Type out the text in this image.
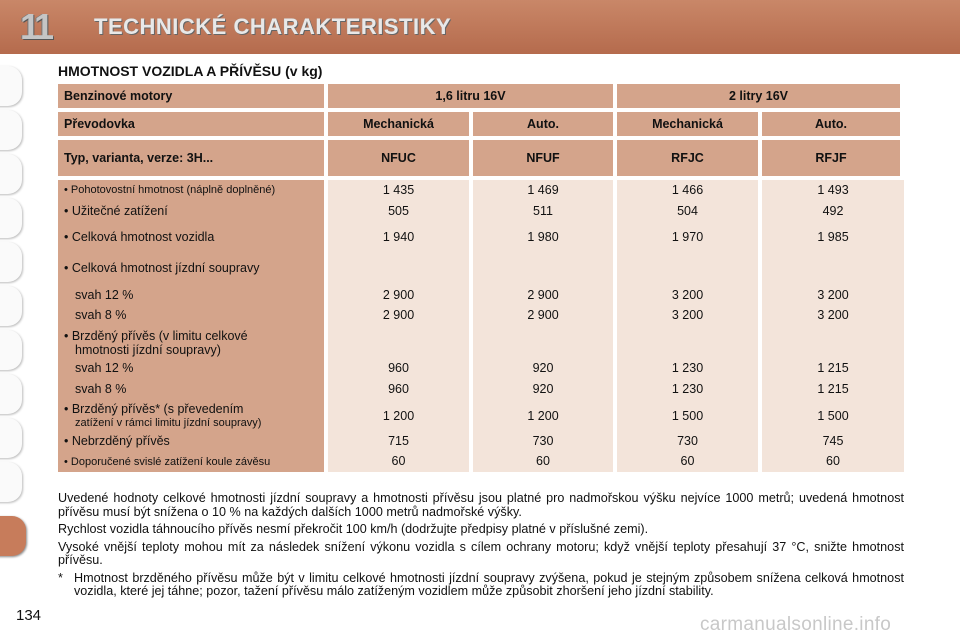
11	TECHNICKÉ CHARAKTERISTIKY
HMOTNOST VOZIDLA A PŘÍVĚSU (v kg)
Benzinové motory	1,6 litru 16V	2 litry 16V
Převodovka	Mechanická	Auto.	Mechanická	Auto.
Typ, varianta, verze: 3H...	NFUC	NFUF	RFJC	RFJF
• Pohotovostní hmotnost (náplně doplněné)	1 435	1 469	1 466	1 493
• Užitečné zatížení	505	511	504	492
• Celková hmotnost vozidla	1 940	1 980	1 970	1 985
• Celková hmotnost jízdní soupravy
svah 12 %	2 900	2 900	3 200	3 200
svah 8 %	2 900	2 900	3 200	3 200
• Brzděný přívěs (v limitu celkové
hmotnosti jízdní soupravy)
svah 12 %	960	920	1 230	1 215
svah 8 %	960	920	1 230	1 215
• Brzděný přívěs* (s převedením
zatížení v rámci limitu jízdní soupravy)	1 200	1 200	1 500	1 500
• Nebrzděný přívěs	715	730	730	745
• Doporučené svislé zatížení koule závěsu	60	60	60	60

Uvedené hodnoty celkové hmotnosti jízdní soupravy a hmotnosti přívěsu jsou platné pro nadmořskou výšku nejvíce 1000 metrů; uvedená hmotnost přívěsu musí být snížena o 10 % na každých dalších 1000 metrů nadmořské výšky.

Rychlost vozidla táhnoucího přívěs nesmí překročit 100 km/h (dodržujte předpisy platné v příslušné zemi).

Vysoké vnější teploty mohou mít za následek snížení výkonu vozidla s cílem ochrany motoru; když vnější teploty přesahují 37 °C, snižte hmotnost přívěsu.

* Hmotnost brzděného přívěsu může být v limitu celkové hmotnosti jízdní soupravy zvýšena, pokud je stejným způsobem snížena celková hmotnost vozidla, které jej táhne; pozor, tažení přívěsu málo zatíženým vozidlem může způsobit zhoršení jeho jízdní stability.

134	carmanualsonline.info
